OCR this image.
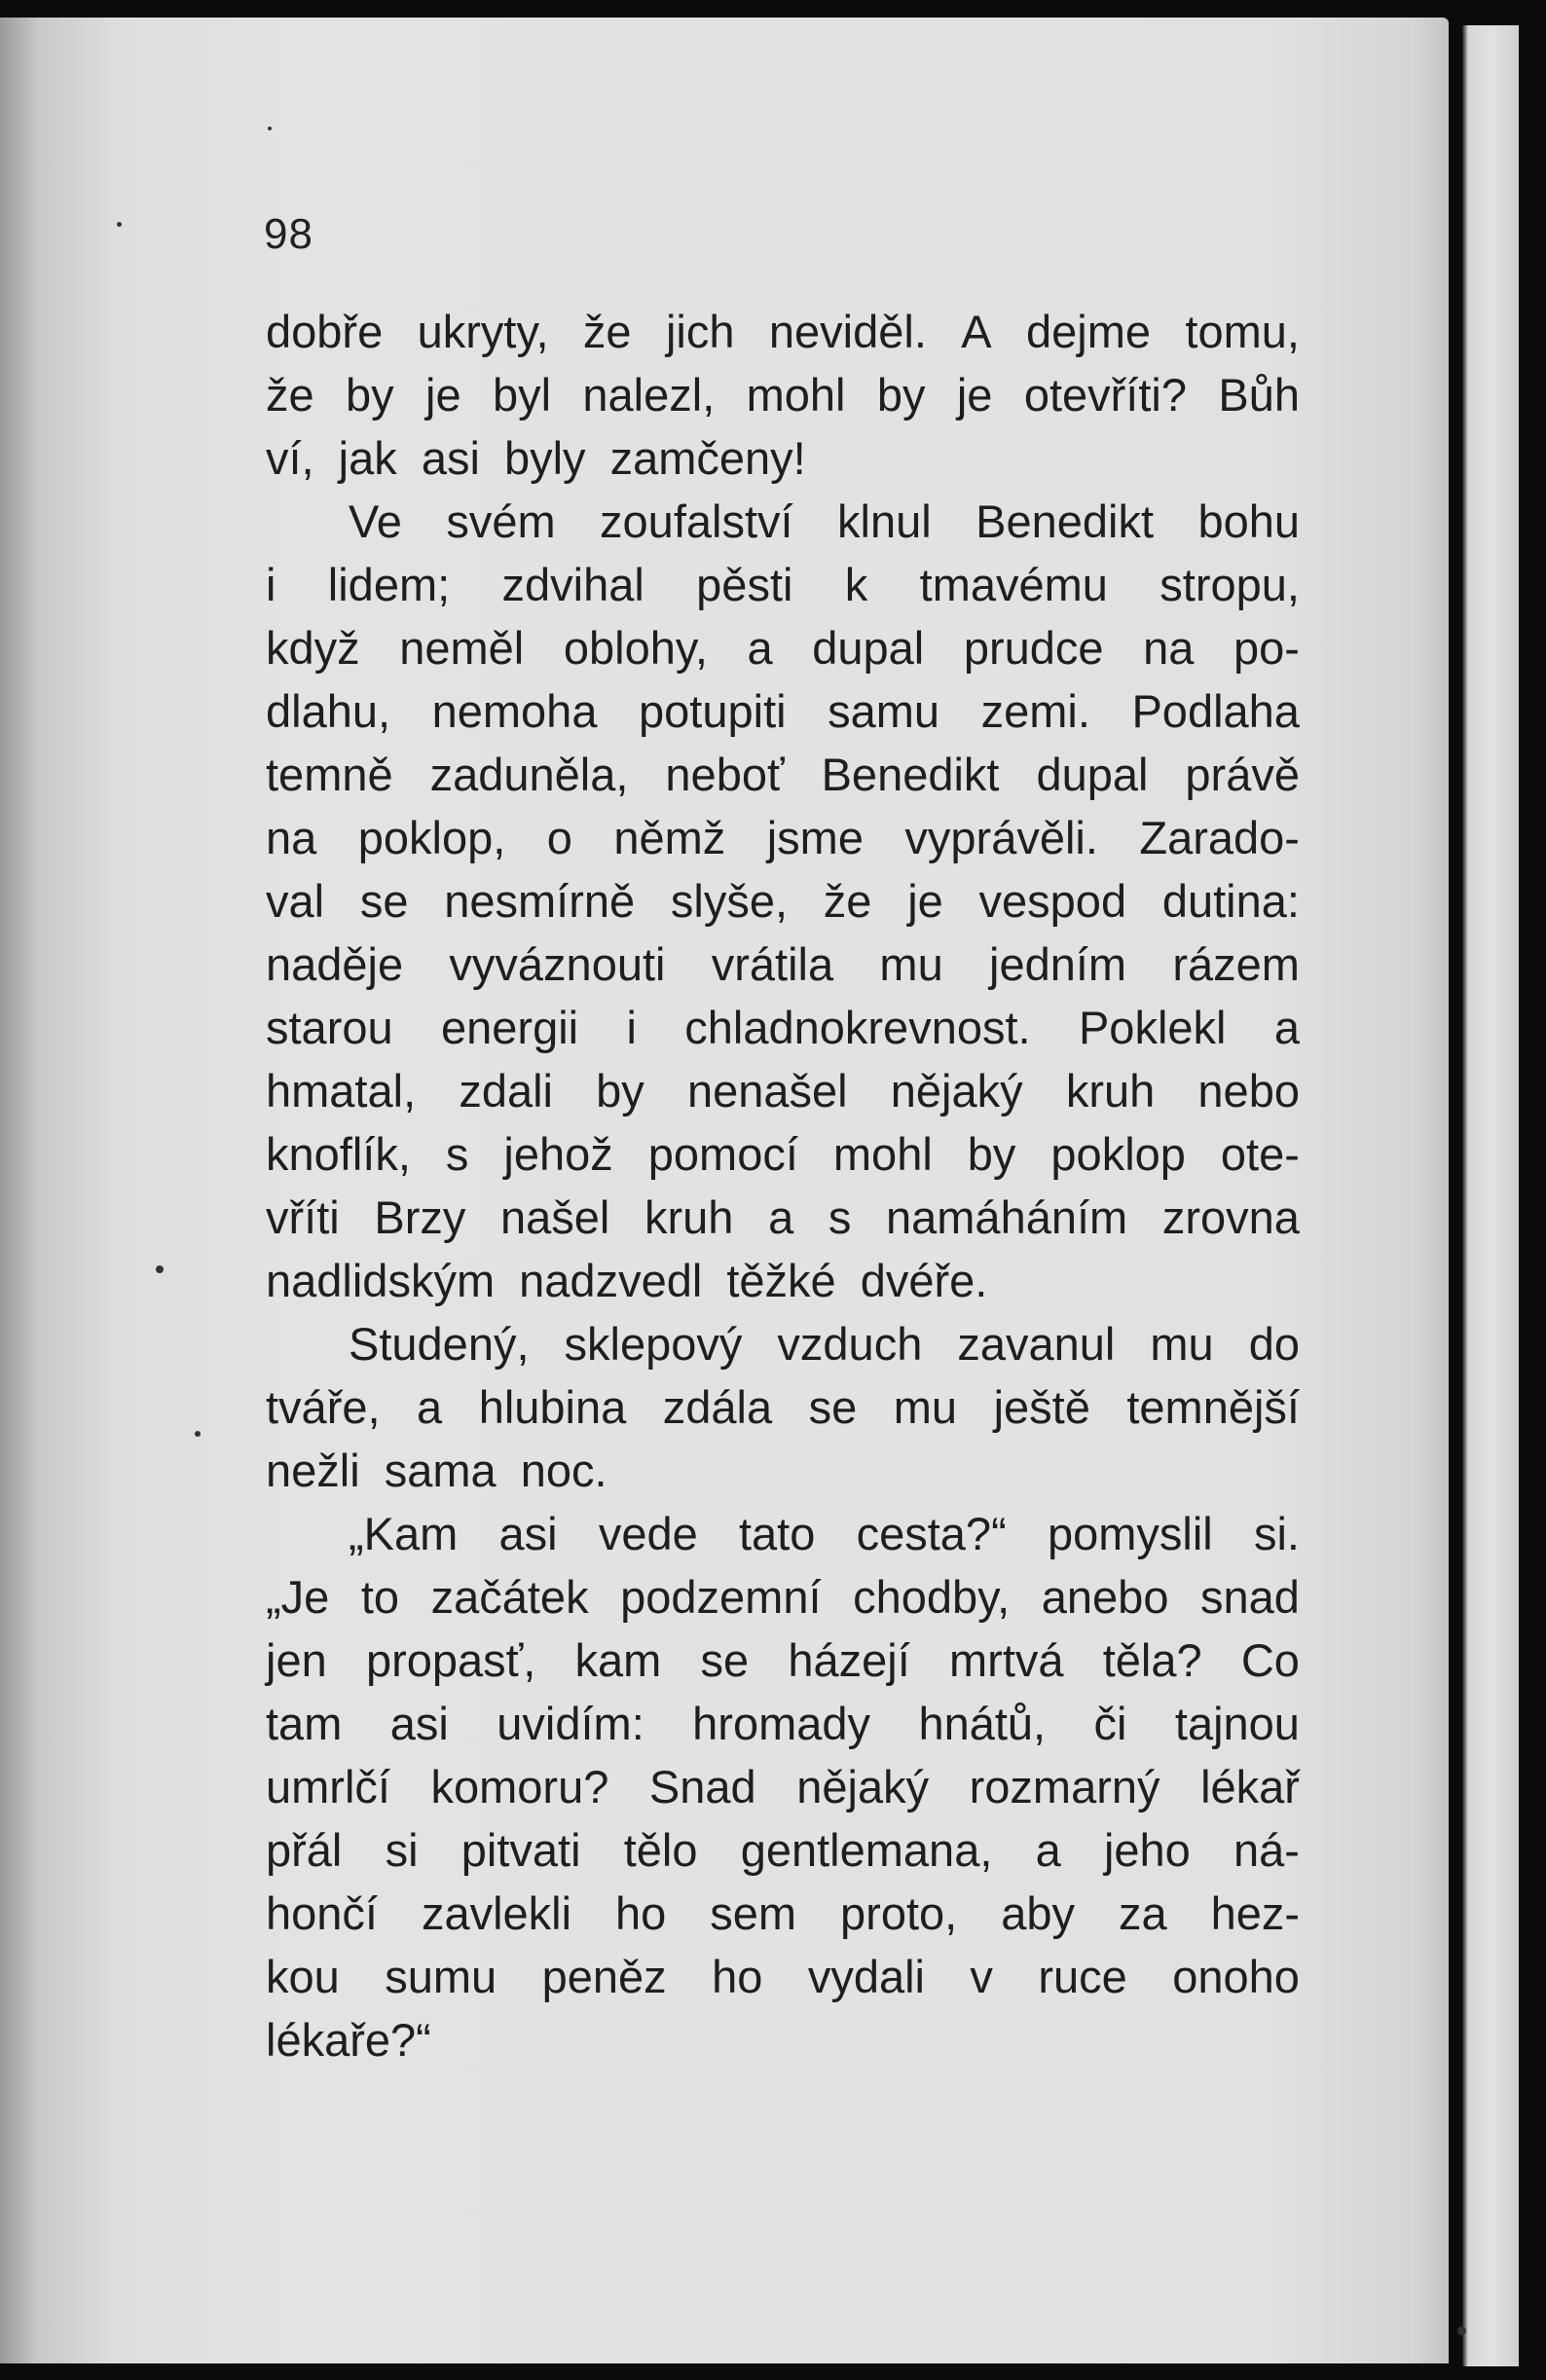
98
dobře ukryty, že jich neviděl. A dejme tomu,
že by je byl nalezl, mohl by je otevříti? Bůh
ví, jak asi byly zamčeny!
Ve svém zoufalství klnul Benedikt bohu
i lidem; zdvihal pěsti k tmavému stropu,
když neměl oblohy, a dupal prudce na po-
dlahu, nemoha potupiti samu zemi. Podlaha
temně zaduněla, neboť Benedikt dupal právě
na poklop, o němž jsme vyprávěli. Zarado-
val se nesmírně slyše, že je vespod dutina:
naděje vyváznouti vrátila mu jedním rázem
starou energii i chladnokrevnost. Poklekl a
hmatal, zdali by nenašel nějaký kruh nebo
knoflík, s jehož pomocí mohl by poklop ote-
vříti Brzy našel kruh a s namáháním zrovna
nadlidským nadzvedl těžké dvéře.
Studený, sklepový vzduch zavanul mu do
tváře, a hlubina zdála se mu ještě temnější
nežli sama noc.
„Kam asi vede tato cesta?“ pomyslil si.
„Je to začátek podzemní chodby, anebo snad
jen propasť, kam se házejí mrtvá těla? Co
tam asi uvidím: hromady hnátů, či tajnou
umrlčí komoru? Snad nějaký rozmarný lékař
přál si pitvati tělo gentlemana, a jeho ná-
hončí zavlekli ho sem proto, aby za hez-
kou sumu peněz ho vydali v ruce onoho
lékaře?“
